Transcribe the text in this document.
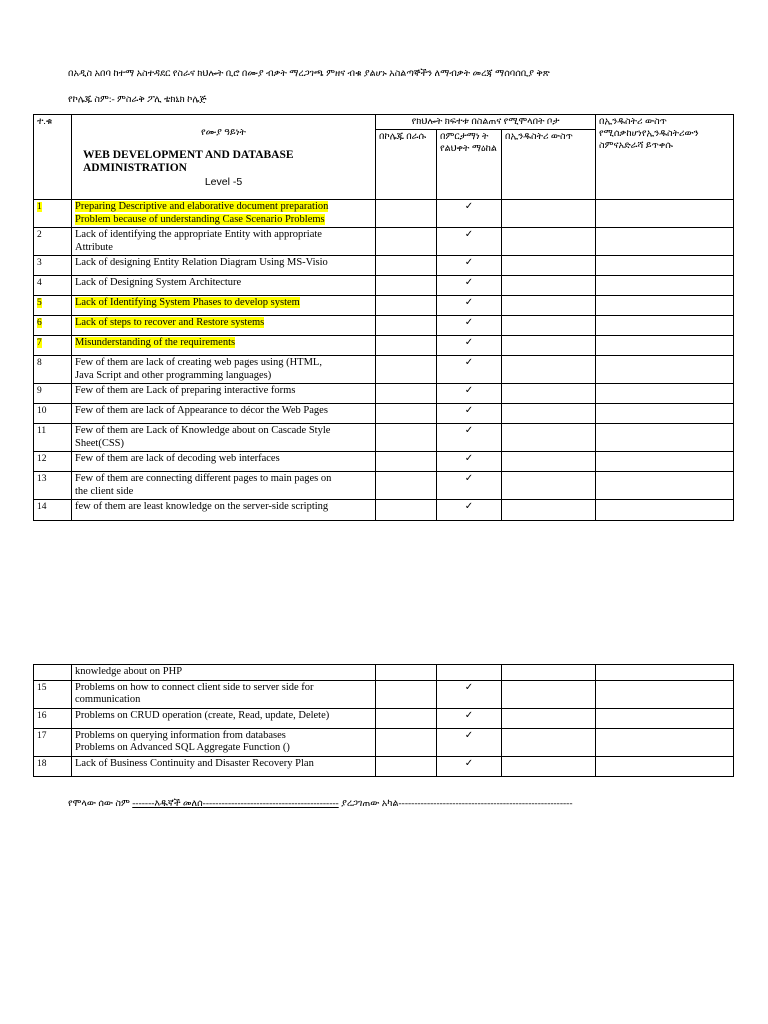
በአዲስ አበባ ከተማ አስተዳደር የስራና ክህሎት ቢሮ በሙያ ብቃት ማረጋገጫ ምዘና ብቁ ያልሆኑ አስልጣኞችን ለማብቃት መረጃ ማሰባሰቢያ ቅጽ
የኮሌጁ ስም:- ምስራቅ ፖሊ ቴክኒክ ኮሌጅ
ተ.ቁ	የሙያ ዓይነት
WEB DEVELOPMENT AND DATABASE ADMINISTRATION
Level -5	የክህሎት ክፍተቱ በስልጠና የሚሞላበት ቦታ			በኢንዱስትሪ ውስጥ የሚሰቃከሆነየኢንዱስትሪውን ስምናአድራሻ ይጥቀሱ
		በኮሌጁ በራሱ	በምርታማነ ት የልህቀት ማዕከል	በኢንዱስትሪ ውስጥ	
1	Preparing Descriptive and elaborative document preparation
Problem because of understanding Case Scenario Problems		✓		
2	Lack of identifying the appropriate Entity with appropriate
Attribute		✓		
3	Lack of designing Entity Relation Diagram Using MS-Visio		✓		
4	Lack of Designing System Architecture		✓		
5	Lack of Identifying System Phases to develop system		✓		
6	Lack of steps to recover and Restore systems		✓		
7	Misunderstanding of the requirements		✓		
8	Few of them are lack of creating web pages using (HTML,
Java Script and other programming languages)		✓		
9	Few of them are Lack of preparing interactive forms		✓		
10	Few of them are lack of Appearance to décor the Web Pages		✓		
11	Few of them are Lack of Knowledge about on Cascade Style
Sheet(CSS)		✓		
12	Few of them are lack of decoding web interfaces		✓		
13	Few of them are connecting different pages to main pages on
the client side		✓		
14	few of them are least knowledge on the server-side scripting		✓		

	knowledge about on PHP				

15	Problems on how to connect client side to server side for
communication		✓		
16	Problems on CRUD operation (create, Read, update, Delete)		✓		
17	Problems on querying information from databases
Problems on Advanced SQL Aggregate Function ()		✓		
18	Lack of Business Continuity and Disaster Recovery Plan		✓		
የሞላው ሰው ስም -------እዱኛች መለሰ------------------------------------------- ያረጋገጠው አካል-------------------------------------------------------
